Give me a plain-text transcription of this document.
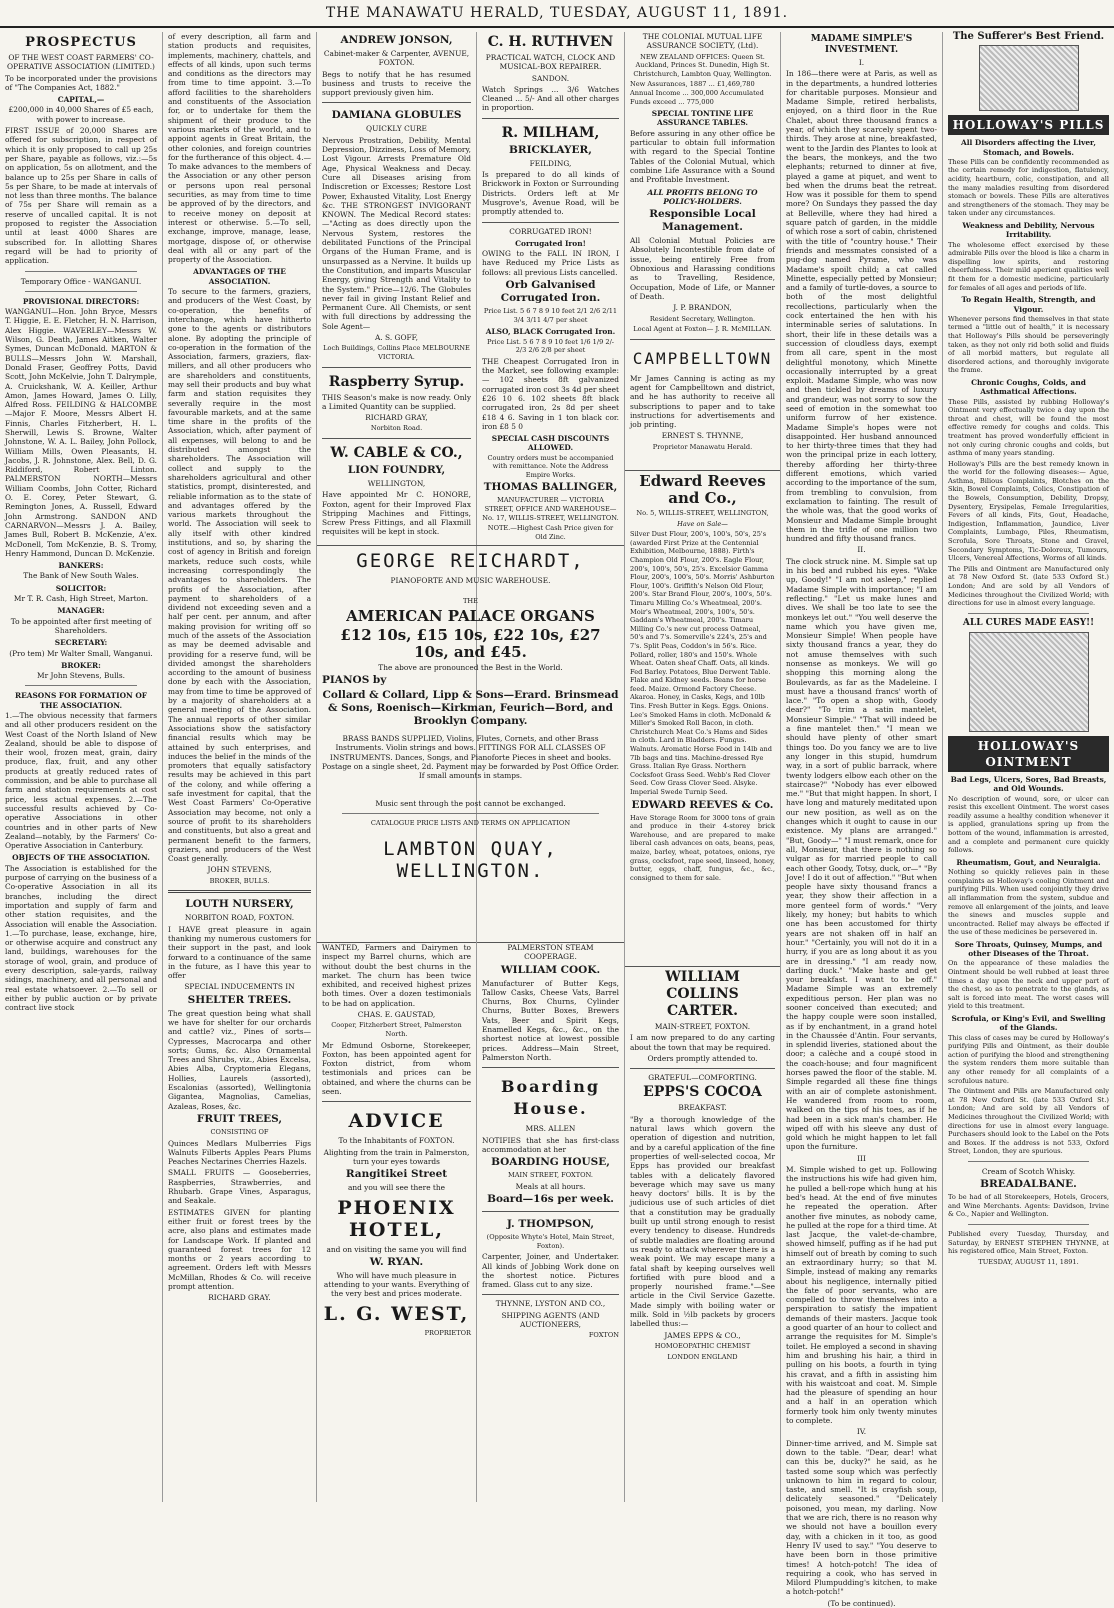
THE MANAWATU HERALD, TUESDAY, AUGUST 11, 1891.
PROSPECTUS

OF THE WEST COAST FARMERS' CO-OPERATIVE ASSOCIATION (LIMITED.)

To be incorporated under the provisions of "The Companies Act, 1882."

CAPITAL,—

£200,000 in 40,000 Shares of £5 each, with power to increase.

FIRST ISSUE of 20,000 Shares are offered for subscription, in respect of which it is only proposed to call up 25s per Share, payable as follows, viz.:—5s on application, 5s on allotment, and the balance up to 25s per Share in calls of 5s per Share, to be made at intervals of not less than three months. The balance of 75s per Share will remain as a reserve of uncalled capital. It is not proposed to register the Association until at least 4000 Shares are subscribed for. In allotting Shares regard will be had to priority of application.

Temporary Office - WANGANUI.

PROVISIONAL DIRECTORS:

WANGANUI—Hon. John Bryce, Messrs T. Higgie, E. E. Fletcher, H. N. Harrison, Alex Higgie. WAVERLEY—Messrs W. Wilson, G. Death, James Aitken, Walter Symes, Duncan McDonald. MARTON & BULLS—Messrs John W. Marshall, Donald Fraser, Geoffrey Potts, David Scott, John McKelvie, John T. Dalrymple, A. Cruickshank, W. A. Keiller, Arthur Amon, James Howard, James O. Lilly, Alfred Ross. FEILDING & HALCOMBE—Major F. Moore, Messrs Albert H. Finnis, Charles Fitzherbert, H. L. Sherwill, Lewis S. Browne, Walter Johnstone, W. A. L. Bailey, John Pollock, William Mills, Owen Pleasants, H. Jacobs, J. R. Johnstone, Alex. Bell, D. G. Riddiford, Robert Linton. PALMERSTON NORTH—Messrs William Coombs, John Cotter, Richard O. E. Corey, Peter Stewart, G. Remington Jones, A. Russell, Edward John Armstrong. SANDON AND CARNARVON—Messrs J. A. Bailey, James Bull, Robert B. McKenzie, A'ex. McDonell, Tom McKenzie, B. S. Tromy, Henry Hammond, Duncan D. McKenzie.

BANKERS:

The Bank of New South Wales.

SOLICITOR:

Mr T. R. Cash, High Street, Marton.

MANAGER:

To be appointed after first meeting of Shareholders.

SECRETARY:

(Pro tem) Mr Walter Small, Wanganui.

BROKER:

Mr John Stevens, Bulls.

REASONS FOR FORMATION OF THE ASSOCIATION.

1.—The obvious necessity that farmers and all other producers resident on the West Coast of the North Island of New Zealand, should be able to dispose of their wool, frozen meat, grain, dairy produce, flax, fruit, and any other products at greatly reduced rates of commission, and be able to purchase all farm and station requirements at cost price, less actual expenses. 2.—The successful results achieved by Co-operative Associations in other countries and in other parts of New Zealand—notably, by the Farmers' Co-Operative Association in Canterbury.

OBJECTS OF THE ASSOCIATION.

The Association is established for the purpose of carrying on the business of a Co-operative Association in all its branches, including the direct importation and supply of farm and other station requisites, and the Association will enable the Association. 1.—To purchase, lease, exchange, hire, or otherwise acquire and construct any land, buildings, warehouses for the storage of wool, grain, and produce of every description, sale-yards, railway sidings, machinery, and all personal and real estate whatsoever. 2.—To sell or either by public auction or by private contract live stock

of every description, all farm and station products and requisites, implements, machinery, chattels, and effects of all kinds, upon such terms and conditions as the directors may from time to time appoint. 3.—To afford facilities to the shareholders and constituents of the Association for, or to undertake for them the shipment of their produce to the various markets of the world, and to appoint agents in Great Britain, the other colonies, and foreign countries for the furtherance of this object. 4.—To make advances to the members of the Association or any other person or persons upon real personal securities, as may from time to time be approved of by the directors, and to receive money on deposit at interest or otherwise. 5.—To sell, exchange, improve, manage, lease, mortgage, dispose of, or otherwise deal with all or any part of the property of the Association.

ADVANTAGES OF THE ASSOCIATION.

To secure to the farmers, graziers, and producers of the West Coast, by co-operation, the benefits of interchange, which have hitherto gone to the agents or distributors alone. By adopting the principle of co-operation in the formation of the Association, farmers, graziers, flax-millers, and all other producers who are shareholders and constituents, may sell their products and buy what farm and station requisites they severally require in the most favourable markets, and at the same time share in the profits of the Association, which, after payment of all expenses, will belong to and be distributed amongst the shareholders. The Association will collect and supply to the shareholders agricultural and other statistics, prompt, disinterested, and reliable information as to the state of and advantages offered by the various markets throughout the world. The Association will seek to ally itself with other kindred institutions, and so, by sharing the cost of agency in British and foreign markets, reduce such costs, while increasing correspondingly the advantages to shareholders. The profits of the Association, after payment to shareholders of a dividend not exceeding seven and a half per cent. per annum, and after making provision for writing off so much of the assets of the Association as may be deemed advisable and providing for a reserve fund, will be divided amongst the shareholders according to the amount of business done by each with the Association, may from time to time be approved of by a majority of shareholders at a general meeting of the Association. The annual reports of other similar Associations show the satisfactory financial results which may be attained by such enterprises, and induces the belief in the minds of the promoters that equally satisfactory results may be achieved in this part of the colony, and while offering a safe investment for capital, that the West Coast Farmers' Co-Operative Association may become, not only a source of profit to its shareholders and constituents, but also a great and permanent benefit to the farmers, graziers, and producers of the West Coast generally.

JOHN STEVENS,

BROKER, BULLS.

LOUTH NURSERY,

NORBITON ROAD, FOXTON.

I HAVE great pleasure in again thanking my numerous customers for their support in the past, and look forward to a continuance of the same in the future, as I have this year to offer

SPECIAL INDUCEMENTS IN

SHELTER TREES.

The great question being what shall we have for shelter for our orchards and cattle? viz., Pines of sorts—Cypresses, Macrocarpa and other sorts; Gums, &c. Also Ornamental Trees and Shrubs, viz., Abies Excelsa, Abies Alba, Cryptomeria Elegans, Hollies, Laurels (assorted), Escalonias (assorted), Wellingtonia Gigantea, Magnolias, Camelias, Azaleas, Roses, &c.

FRUIT TREES,

CONSISTING OF

Quinces Medlars Mulberries Figs Walnuts Filberts Apples Pears Plums Peaches Nectarines Cherries Hazels.

SMALL FRUITS — Gooseberries, Raspberries, Strawberries, and Rhubarb. Grape Vines, Asparagus, and Seakale.

ESTIMATES GIVEN for planting either fruit or forest trees by the acre, also plans and estimates made for Landscape Work. If planted and guaranteed forest trees for 12 months or 2 years according to agreement. Orders left with Messrs McMillan, Rhodes & Co. will receive prompt attention.

RICHARD GRAY.

ANDREW JONSON,

Cabinet-maker & Carpenter, AVENUE, FOXTON.

Begs to notify that he has resumed business and trusts to receive the support previously given him.

DAMIANA GLOBULES

QUICKLY CURE

Nervous Prostration, Debility, Mental Depression, Dizziness, Loss of Memory, Lost Vigour. Arrests Premature Old Age, Physical Weakness and Decay. Cure all Diseases arising from Indiscretion or Excesses; Restore Lost Power, Exhausted Vitality, Lost Energy &c. THE STRONGEST INVIGORANT KNOWN. The Medical Record states:—"Acting as does directly upon the Nervous System, restores the debilitated Functions of the Principal Organs of the Human Frame, and is unsurpassed as a Nervine. It builds up the Constitution, and imparts Muscular Energy, giving Strength and Vitality to the System." Price—12/6. The Globules never fail in giving Instant Relief and Permanent Cure. All Chemists, or sent with full directions by addressing the Sole Agent—

A. S. GOFF,

Loch Buildings, Collins Place MELBOURNE VICTORIA.

Raspberry Syrup.

THIS Season's make is now ready. Only a Limited Quantity can be supplied.

RICHARD GRAY,

Norbiton Road.

W. CABLE & CO.,

LION FOUNDRY,

WELLINGTON,

Have appointed Mr C. HONORE, Foxton, agent for their Improved Flax Stripping Machines and Fittings, Screw Press Fittings, and all Flaxmill requisites will be kept in stock.

C. H. RUTHVEN

PRACTICAL WATCH, CLOCK AND MUSICAL-BOX REPAIRER.

SANDON.

Watch Springs ... 3/6 Watches Cleaned ... 5/- And all other charges in proportion.

R. MILHAM,

BRICKLAYER,

FEILDING,

Is prepared to do all kinds of Brickwork in Foxton or Surrounding Districts. Orders left at Mr Musgrove's, Avenue Road, will be promptly attended to.

CORRUGATED IRON!

Corrugated Iron!

OWING to the FALL IN IRON, I have Reduced my Price Lists as follows: all previous Lists cancelled.

Orb Galvanised Corrugated Iron.

Price List. 5 6 7 8 9 10 feet 2/1 2/6 2/11 3/4 3/11 4/7 per sheet

ALSO, BLACK Corrugated Iron.

Price List. 5 6 7 8 9 10 feet 1/6 1/9 2/- 2/3 2/6 2/8 per sheet

THE Cheapest Corrugated Iron in the Market, see following example:— 102 sheets 8ft galvanized corrugated iron cost 3s 4d per sheet £26 10 6. 102 sheets 8ft black corrugated iron, 2s 8d per sheet £18 4 6. Saving in 1 ton black cor. iron £8 5 0

SPECIAL CASH DISCOUNTS ALLOWED.

Country orders must be accompanied with remittance. Note the Address Empire Works.

THOMAS BALLINGER,

MANUFACTURER — VICTORIA STREET, OFFICE AND WAREHOUSE— No. 17, WILLIS-STREET, WELLINGTON.

NOTE.—Highest Cash Price given for Old Zinc.

GEORGE REICHARDT,

PIANOFORTE AND MUSIC WAREHOUSE.

THE

AMERICAN PALACE ORGANS

£12 10s, £15 10s, £22 10s, £27 10s, and £45.

The above are pronounced the Best in the World.

PIANOS by

Collard & Collard, Lipp & Sons—Erard. Brinsmead & Sons, Roenisch—Kirkman, Feurich—Bord, and Brooklyn Company.

BRASS BANDS SUPPLIED, Violins, Flutes, Cornets, and other Brass Instruments. Violin strings and bows. FITTINGS FOR ALL CLASSES OF INSTRUMENTS. Dances, Songs, and Pianoforte Pieces in sheet and books. Postage on a single sheet, 2d. Payment may be forwarded by Post Office Order. If small amounts in stamps.

Music sent through the post cannot be exchanged.

CATALOGUE PRICE LISTS AND TERMS ON APPLICATION

LAMBTON QUAY, WELLINGTON.

WANTED, Farmers and Dairymen to inspect my Barrel churns, which are without doubt the best churns in the market. The churn has been twice exhibited, and received highest prizes both times. Over a dozen testimonials to be had on application.

CHAS. E. GAUSTAD,

Cooper, Fitzherbert Street, Palmerston North.

Mr Edmund Osborne, Storekeeper, Foxton, has been appointed agent for Foxton district, from whom testimonials and prices can be obtained, and where the churns can be seen.

ADVICE

To the Inhabitants of FOXTON.

Alighting from the train in Palmerston, turn your eyes towards

Rangitikei Street

and you will see there the

PHOENIX HOTEL,

and on visiting the same you will find

W. RYAN.

Who will have much pleasure in attending to your wants. Everything of the very best and prices moderate.

L. G. WEST,

PROPRIETOR

PALMERSTON STEAM COOPERAGE.

WILLIAM COOK.

Manufacturer of Butter Kegs, Tallow Casks, Cheese Vats, Barrel Churns, Box Churns, Cylinder Churns, Butter Boxes, Brewers Vats, Beer and Spirit Kegs, Enamelled Kegs, &c., &c., on the shortest notice at lowest possible prices. Address—Main Street, Palmerston North.

Boarding House.

MRS. ALLEN

NOTIFIES that she has first-class accommodation at her

BOARDING HOUSE,

MAIN STREET, FOXTON.

Meals at all hours.

Board—16s per week.

J. THOMPSON,

(Opposite Whyte's Hotel, Main Street, Foxton).

Carpenter, Joiner, and Undertaker. All kinds of Jobbing Work done on the shortest notice. Pictures framed. Glass cut to any size.

THYNNE, LYSTON AND CO.,

SHIPPING AGENTS (AND AUCTIONEERS,

FOXTON

THE COLONIAL MUTUAL LIFE ASSURANCE SOCIETY, (Ltd).

NEW ZEALAND OFFICES: Queen St. Auckland, Princes St. Dunedin, High St. Christchurch, Lambton Quay, Wellington.

New Assurances, 1887 ... £1,469,780 Annual Income ... 300,000 Accumulated Funds exceed ... 775,000

SPECIAL TONTINE LIFE ASSURANCE TABLES.

Before assuring in any other office be particular to obtain full information with regard to the Special Tontine Tables of the Colonial Mutual, which combine Life Assurance with a Sound and Profitable Investment.

ALL PROFITS BELONG TO POLICY-HOLDERS.

Responsible Local Management.

All Colonial Mutual Policies are Absolutely Incontestible from date of issue, being entirely Free from Obnoxious and Harassing conditions as to Travelling, Residence, Occupation, Mode of Life, or Manner of Death.

J. P. BRANDON,

Resident Secretary, Wellington.

Local Agent at Foxton— J. R. McMILLAN.

CAMPBELLTOWN

Mr James Canning is acting as my agent for Campbelltown and district, and he has authority to receive all subscriptions to paper and to take instructions for advertisements and job printing.

ERNEST S. THYNNE,

Proprietor Manawatu Herald.

Edward Reeves and Co.,

No. 5, WILLIS-STREET, WELLINGTON,

Have on Sale—

Silver Dust Flour, 200's, 100's, 50's, 25's (awarded First Prize at the Centennial Exhibition, Melbourne, 1888). Firth's Champion Old Flour, 200's. Eagle Flour, 200's, 100's, 50's, 25's. Excelsior Gamma Flour, 200's, 100's, 50's. Morris' Ashburton Flour, 100's. Griffith's Nelson Old Flour, 200's. Star Brand Flour, 200's, 100's, 50's. Timaru Milling Co.'s Wheatmeal, 200's. Moir's Wheatmeal, 200's, 100's, 50's. Gaddam's Wheatmeal, 200's. Timaru Milling Co.'s new cut process Oatmeal, 50's and 7's. Somerville's 224's, 25's and 7's. Split Peas, Coddon's in 56's. Rice. Pollard, roller, 180's and 150's. Whole Wheat. Oaten sheaf Chaff. Oats, all kinds. Fed Barley. Potatoes, Blue Derwent Table. Flake and Kidney seeds. Beans for horse feed. Maize. Ormond Factory Cheese. Akaroa. Honey, in Casks, Kegs, and 10lb Tins. Fresh Butter in Kegs. Eggs. Onions. Lee's Smoked Hams in cloth. McDonald & Miller's Smoked Roll Bacon, in cloth. Christchurch Meat Co.'s Hams and Sides in cloth. Lard in Bladders. Fungus. Walnuts. Aromatic Horse Food in 14lb and 7lb bags and tins. Machine-dressed Rye Grass. Italian Rye Grass. Northern Cocksfoot Grass Seed. Webb's Red Clover Seed. Cow Grass Clover Seed. Alsyke. Imperial Swede Turnip Seed.

EDWARD REEVES & Co.

Have Storage Room for 3000 tons of grain and produce in their 4-storey brick Warehouse, and are prepared to make liberal cash advances on oats, beans, peas, maize, barley, wheat, potatoes, onions, rye grass, cocksfoot, rape seed, linseed, honey, butter, eggs, chaff, fungus, &c., &c., consigned to them for sale.

WILLIAM COLLINS CARTER.

MAIN-STREET, FOXTON.

I am now prepared to do any carting about the town that may be required.

Orders promptly attended to.

GRATEFUL—COMFORTING.

EPPS'S COCOA

BREAKFAST.

"By a thorough knowledge of the natural laws which govern the operation of digestion and nutrition, and by a careful application of the fine properties of well-selected cocoa, Mr Epps has provided our breakfast tables with a delicately flavored beverage which may save us many heavy doctors' bills. It is by the judicious use of such articles of diet that a constitution may be gradually built up until strong enough to resist every tendency to disease. Hundreds of subtle maladies are floating around us ready to attack wherever there is a weak point. We may escape many a fatal shaft by keeping ourselves well fortified with pure blood and a properly nourished frame."—See article in the Civil Service Gazette. Made simply with boiling water or milk. Sold in ½lb packets by grocers labelled thus:—

JAMES EPPS & CO.,

HOMOEOPATHIC CHEMIST

LONDON ENGLAND

MADAME SIMPLE'S INVESTMENT.

I.

In 186—there were at Paris, as well as in the departments, a hundred lotteries for charitable purposes. Monsieur and Madame Simple, retired herbalists, enjoyed, on a third floor in the Rue Chalet, about three thousand francs a year, of which they scarcely spent two-thirds. They arose at nine, breakfasted, went to the Jardin des Plantes to look at the bears, the monkeys, and the two elephants; returned to dinner at five, played a game at piquet, and went to bed when the drums beat the retreat. How was it possible for them to spend more? On Sundays they passed the day at Belleville, where they had hired a square patch of garden, in the middle of which rose a sort of cabin, christened with the title of "country house." Their friends and messmates consisted of a pug-dog named Pyrame, who was Madame's spoilt child; a cat called Minette, especially petted by Monsieur; and a family of turtle-doves, a source to both of the most delightful recollections, particularly when the cock entertained the hen with his interminable series of salutations. In short, their life in these details was a succession of cloudless days, exempt from all care, spent in the most delightful monotony, which Minette occasionally interrupted by a great exploit. Madame Simple, who was now and then tickled by dreams of luxury and grandeur, was not sorry to sow the seed of emotion in the somewhat too uniform furrow of her existence. Madame Simple's hopes were not disappointed. Her husband announced to her thirty-three times that they had won the principal prize in each lottery, thereby affording her thirty-three different emotions, which varied according to the importance of the sum, from trembling to convulsion, from exclamation to fainting. The result of the whole was, that the good works of Monsieur and Madame Simple brought them in the trifle of one million two hundred and fifty thousand francs.

II.

The clock struck nine. M. Simple sat up in his bed and rubbed his eyes. "Wake up, Goody!" "I am not asleep," replied Madame Simple with importance; "I am reflecting." "Let us make lunes and dives. We shall be too late to see the monkeys let out." "You well deserve the name which you have given me, Monsieur Simple! When people have sixty thousand francs a year, they do not amuse themselves with such nonsense as monkeys. We will go shopping this morning along the Boulevards, as far as the Madeleine. I must have a thousand francs' worth of lace." "To open a shop with, Goody dear?" "To trim a satin mantelet, Monsieur Simple." "That will indeed be a fine mantelet then." "I mean we should have plenty of other smart things too. Do you fancy we are to live any longer in this stupid, humdrum way, in a sort of public barrack, where twenty lodgers elbow each other on the staircase?" "Nobody has ever elbowed me." "But that might happen. In short, I have long and maturely meditated upon our new position, as well as on the changes which it ought to cause in our existence. My plans are arranged." "But, Goody—" "I must remark, once for all, Monsieur, that there is nothing so vulgar as for married people to call each other Goody, Totsy, duck, or—" "By Jove! I do it out of affection." "But when people have sixty thousand francs a year, they show their affection in a more genteel form of words." "Very likely, my honey; but habits to which one has been accustomed for thirty years are not shaken off in half an hour." "Certainly, you will not do it in a hurry, if you are as long about it as you are in dressing." "I am ready now, darling duck." "Make haste and get your breakfast. I want to be off." Madame Simple was an extremely expeditious person. Her plan was no sooner conceived than executed; and the happy couple were soon installed, as if by enchantment, in a grand hotel in the Chaussée d'Antin. Four servants, in splendid liveries, stationed about the door; a calèche and a coupé stood in the coach-house; and four magnificent horses pawed the floor of the stable. M. Simple regarded all these fine things with an air of complete astonishment. He wandered from room to room, walked on the tips of his toes, as if he had been in a sick man's chamber. He wiped off with his sleeve any dust of gold which he might happen to let fall upon the furniture.

III

M. Simple wished to get up. Following the instructions his wife had given him, he pulled a bell-rope which hung at his bed's head. At the end of five minutes he repeated the operation. After another five minutes, as nobody came, he pulled at the rope for a third time. At last Jacque, the valet-de-chambre, showed himself, puffing as if he had put himself out of breath by coming to such an extraordinary hurry; so that M. Simple, instead of making any remarks about his negligence, internally pitied the fate of poor servants, who are compelled to throw themselves into a perspiration to satisfy the impatient demands of their masters. Jacque took a good quarter of an hour to collect and arrange the requisites for M. Simple's toilet. He employed a second in shaving him and brushing his hair, a third in pulling on his boots, a fourth in tying his cravat, and a fifth in assisting him with his waistcoat and coat. M. Simple had the pleasure of spending an hour and a half in an operation which formerly took him only twenty minutes to complete.

IV.

Dinner-time arrived, and M. Simple sat down to the table. "Dear, dear! what can this be, ducky?" he said, as he tasted some soup which was perfectly unknown to him in regard to colour, taste, and smell. "It is crayfish soup, delicately seasoned." "Delicately poisoned, you mean, my darling. Now that we are rich, there is no reason why we should not have a bouillon every day, with a chicken in it too, as good Henry IV used to say." "You deserve to have been born in those primitive times! A hotch-potch! The idea of requiring a cook, who has served in Milord Plumpudding's kitchen, to make a hotch-potch!"

(To be continued).

The Sufferer's Best Friend.

HOLLOWAY'S PILLS

All Disorders affecting the Liver, Stomach, and Bowels.

These Pills can be confidently recommended as the certain remedy for indigestion, flatulency, acidity, heartburn, colic, constipation, and all the many maladies resulting from disordered stomach or bowels. These Pills are alteratives and strengtheners of the stomach. They may be taken under any circumstances.

Weakness and Debility, Nervous Irritability.

The wholesome effect exercised by these admirable Pills over the blood is like a charm in dispelling low spirits, and restoring cheerfulness. Their mild aperient qualities well fit them for a domestic medicine, particularly for females of all ages and periods of life.

To Regain Health, Strength, and Vigour.

Whenever persons find themselves in that state termed a "little out of health," it is necessary that Holloway's Pills should be perseveringly taken, as they not only rid both solid and fluids of all morbid matters, but regulate all disordered actions, and thoroughly invigorate the frame.

Chronic Coughs, Colds, and Asthmatical Affections.

These Pills, assisted by rubbing Holloway's Ointment very effectually twice a day upon the throat and chest, will be found the most effective remedy for coughs and colds. This treatment has proved wonderfully efficient in not only curing chronic coughs and colds, but asthma of many years standing.

Holloway's Pills are the best remedy known in the world for the following diseases:— Ague, Asthma, Bilious Complaints, Blotches on the Skin, Bowel Complaints, Colics, Constipation of the Bowels, Consumption, Debility, Dropsy, Dysentery, Erysipelas, Female Irregularities, Fevers of all kinds, Fits, Gout, Headache, Indigestion, Inflammation, Jaundice, Liver Complaints, Lumbago, Piles, Rheumatism, Scrofula, Sore Throats, Stone and Gravel, Secondary Symptoms, Tic-Doloreux, Tumours, Ulcers, Venereal Affections, Worms of all kinds.

The Pills and Ointment are Manufactured only at 78 New Oxford St. (late 533 Oxford St.) London; And are sold by all Vendors of Medicines throughout the Civilized World; with directions for use in almost every language.

ALL CURES MADE EASY!!

HOLLOWAY'S OINTMENT

Bad Legs, Ulcers, Sores, Bad Breasts, and Old Wounds.

No description of wound, sore, or ulcer can resist this excellent Ointment. The worst cases readily assume a healthy condition whenever it is applied, granulations spring up from the bottom of the wound, inflammation is arrested, and a complete and permanent cure quickly follows.

Rheumatism, Gout, and Neuralgia.

Nothing so quickly relieves pain in these complaints as Holloway's cooling Ointment and purifying Pills. When used conjointly they drive all inflammation from the system, subdue and remove all enlargement of the joints, and leave the sinews and muscles supple and uncontracted. Relief may always be effected if the use of these medicines be persevered in.

Sore Throats, Quinsey, Mumps, and other Diseases of the Throat.

On the appearance of these maladies the Ointment should be well rubbed at least three times a day upon the neck and upper part of the chest, so as to penetrate to the glands, as salt is forced into meat. The worst cases will yield to this treatment.

Scrofula, or King's Evil, and Swelling of the Glands.

This class of cases may be cured by Holloway's purifying Pills and Ointment, as their double action of purifying the blood and strengthening the system renders them more suitable than any other remedy for all complaints of a scrofulous nature.

The Ointment and Pills are Manufactured only at 78 New Oxford St. (late 533 Oxford St.) London; And are sold by all Vendors of Medicines throughout the Civilized World; with directions for use in almost every language. Purchasers should look to the Label on the Pots and Boxes. If the address is not 533, Oxford Street, London, they are spurious.

Cream of Scotch Whisky.

BREADALBANE.

To be had of all Storekeepers, Hotels, Grocers, and Wine Merchants. Agents: Davidson, Irvine & Co., Napier and Wellington.

Published every Tuesday, Thursday, and Saturday, by ERNEST STEPHEN THYNNE, at his registered office, Main Street, Foxton.

TUESDAY, AUGUST 11, 1891.
